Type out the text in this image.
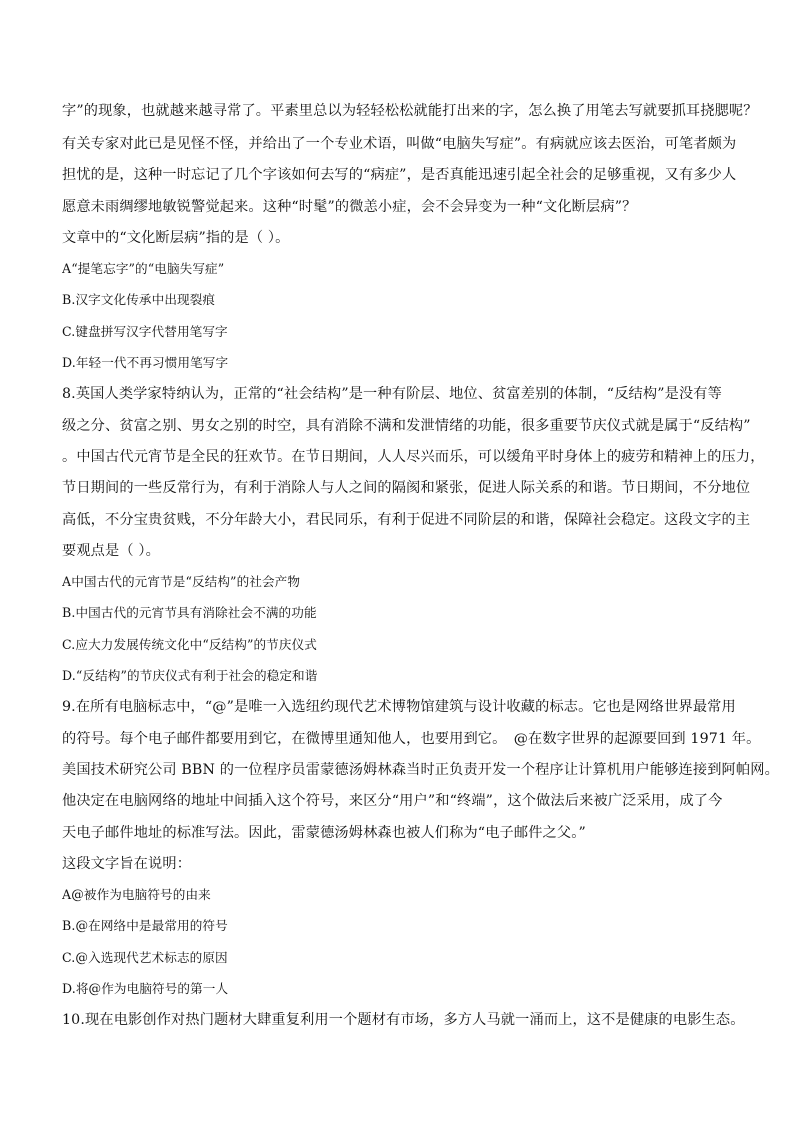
字”的现象，也就越来越寻常了。平素里总以为轻轻松松就能打出来的字，怎么换了用笔去写就要抓耳挠腮呢？
有关专家对此已是见怪不怪，并给出了一个专业术语，叫做“电脑失写症”。有病就应该去医治，可笔者颇为
担忧的是，这种一时忘记了几个字该如何去写的“病症”，是否真能迅速引起全社会的足够重视，又有多少人
愿意未雨绸缪地敏锐警觉起来。这种“时髦”的微恙小症，会不会异变为一种“文化断层病”？
文章中的“文化断层病”指的是（ ）。
A“提笔忘字”的“电脑失写症”
B.汉字文化传承中出现裂痕
C.键盘拼写汉字代替用笔写字
D.年轻一代不再习惯用笔写字
8.英国人类学家特纳认为，正常的“社会结构”是一种有阶层、地位、贫富差别的体制，“反结构”是没有等
级之分、贫富之别、男女之别的时空，具有消除不满和发泄情绪的功能，很多重要节庆仪式就是属于“反结构”
。中国古代元宵节是全民的狂欢节。在节日期间，人人尽兴而乐，可以缓角平时身体上的疲劳和精神上的压力，
节日期间的一些反常行为，有利于消除人与人之间的隔阂和紧张，促进人际关系的和谐。节日期间，不分地位
高低，不分宝贵贫贱，不分年龄大小，君民同乐，有利于促进不同阶层的和谐，保障社会稳定。这段文字的主
要观点是（ ）。
A中国古代的元宵节是“反结构”的社会产物
B.中国古代的元宵节具有消除社会不满的功能
C.应大力发展传统文化中“反结构”的节庆仪式
D.“反结构”的节庆仪式有利于社会的稳定和谐
9.在所有电脑标志中，“@”是唯一入选纽约现代艺术博物馆建筑与设计收藏的标志。它也是网络世界最常用
的符号。每个电子邮件都要用到它，在微博里通知他人，也要用到它。　@在数字世界的起源要回到 1971 年。
美国技术研究公司 BBN 的一位程序员雷蒙德汤姆林森当时正负责开发一个程序让计算机用户能够连接到阿帕网。
他决定在电脑网络的地址中间插入这个符号，来区分“用户”和“终端”，这个做法后来被广泛采用，成了今
天电子邮件地址的标准写法。因此，雷蒙德汤姆林森也被人们称为“电子邮件之父。”
这段文字旨在说明：
A@被作为电脑符号的由来
B.@在网络中是最常用的符号
C.@入选现代艺术标志的原因
D.将@作为电脑符号的第一人
10.现在电影创作对热门题材大肆重复利用一个题材有市场，多方人马就一涌而上，这不是健康的电影生态。
